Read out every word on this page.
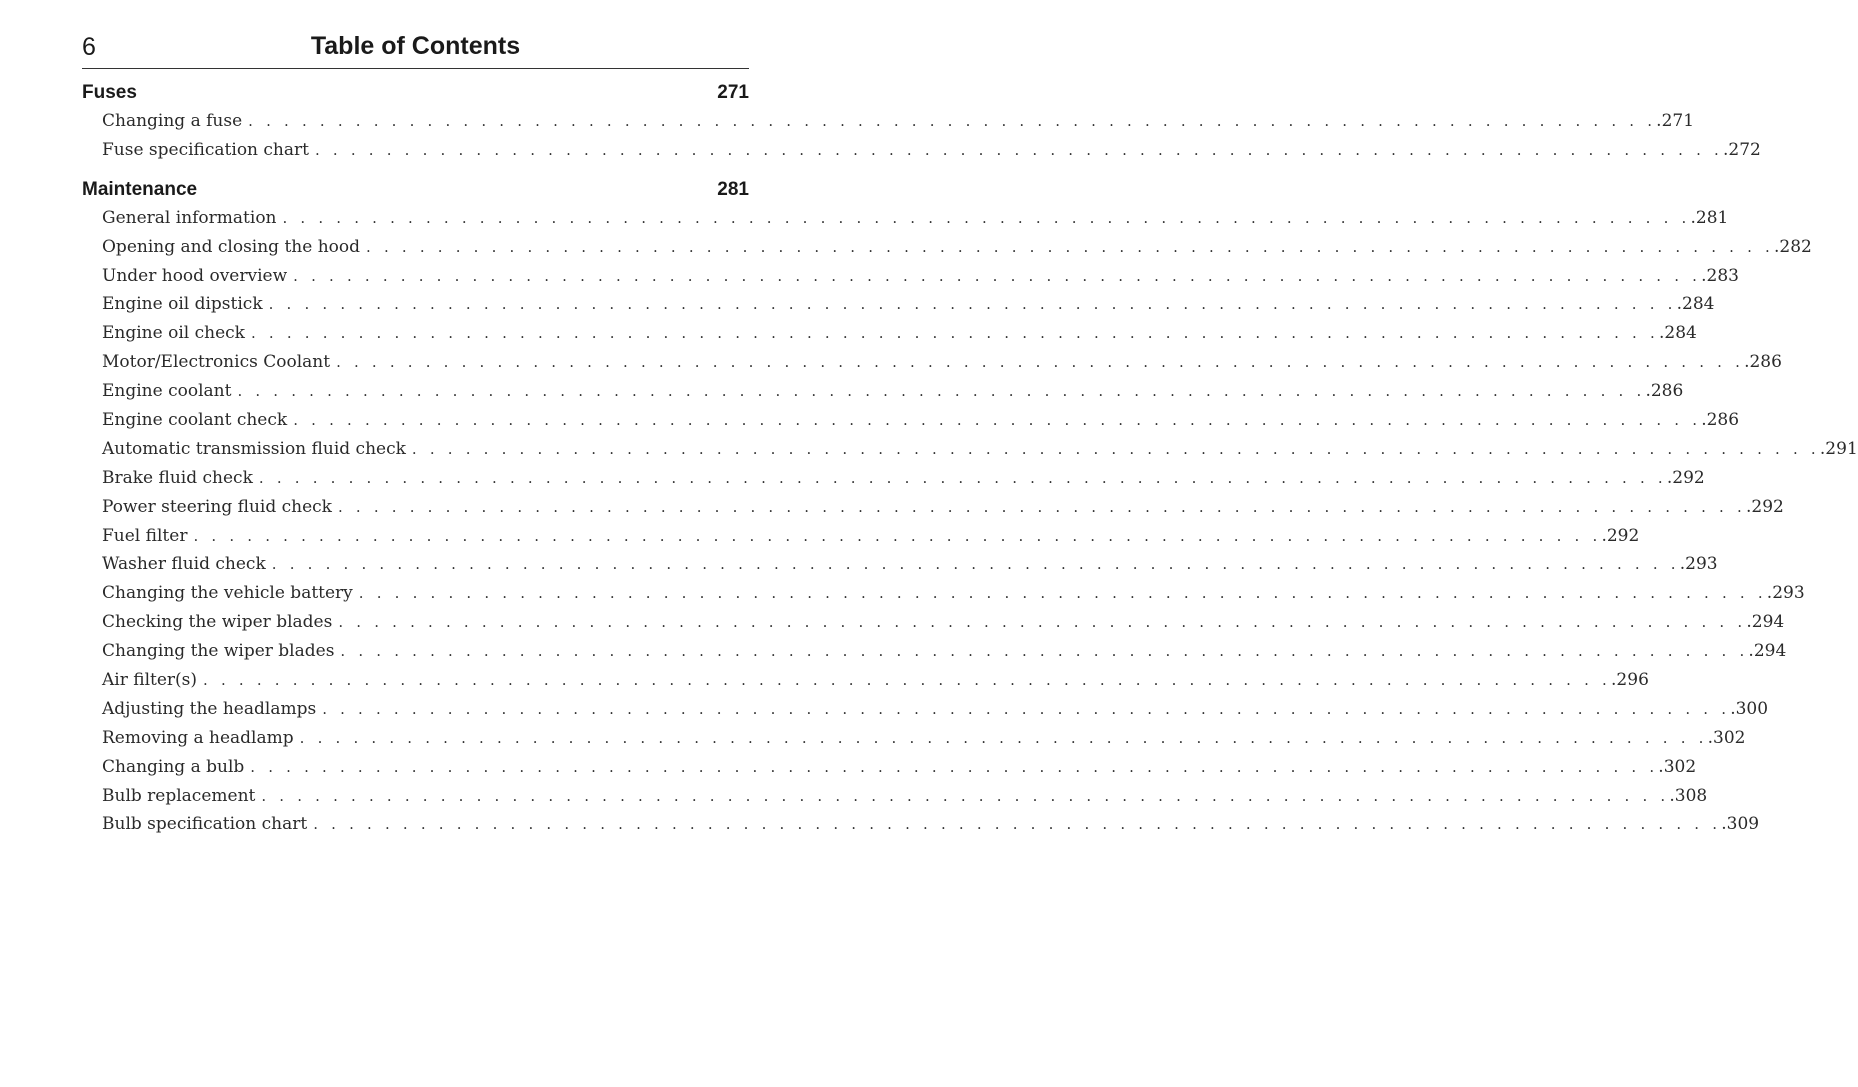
6	Table of Contents
Fuses	271
Changing a fuse . . . . . . . . . . . . . . . . . . . . . . . . . . . . . . . . . . . . . . . . . . . . . . . . . . . . . . . . . . . . . . . . . . . . . . . . . . . . . . . .271
Fuse specification chart . . . . . . . . . . . . . . . . . . . . . . . . . . . . . . . . . . . . . . . . . . . . . . . . . . . . . . . . . . . . . . . . . . . . . . . . . . . . . . . .272
Maintenance	281
General information . . . . . . . . . . . . . . . . . . . . . . . . . . . . . . . . . . . . . . . . . . . . . . . . . . . . . . . . . . . . . . . . . . . . . . . . . . . . . . . .281
Opening and closing the hood . . . . . . . . . . . . . . . . . . . . . . . . . . . . . . . . . . . . . . . . . . . . . . . . . . . . . . . . . . . . . . . . . . . . . . . . . . . . . . . .282
Under hood overview . . . . . . . . . . . . . . . . . . . . . . . . . . . . . . . . . . . . . . . . . . . . . . . . . . . . . . . . . . . . . . . . . . . . . . . . . . . . . . . .283
Engine oil dipstick . . . . . . . . . . . . . . . . . . . . . . . . . . . . . . . . . . . . . . . . . . . . . . . . . . . . . . . . . . . . . . . . . . . . . . . . . . . . . . . .284
Engine oil check . . . . . . . . . . . . . . . . . . . . . . . . . . . . . . . . . . . . . . . . . . . . . . . . . . . . . . . . . . . . . . . . . . . . . . . . . . . . . . . .284
Motor/Electronics Coolant . . . . . . . . . . . . . . . . . . . . . . . . . . . . . . . . . . . . . . . . . . . . . . . . . . . . . . . . . . . . . . . . . . . . . . . . . . . . . . . .286
Engine coolant . . . . . . . . . . . . . . . . . . . . . . . . . . . . . . . . . . . . . . . . . . . . . . . . . . . . . . . . . . . . . . . . . . . . . . . . . . . . . . . .286
Engine coolant check . . . . . . . . . . . . . . . . . . . . . . . . . . . . . . . . . . . . . . . . . . . . . . . . . . . . . . . . . . . . . . . . . . . . . . . . . . . . . . . .286
Automatic transmission fluid check . . . . . . . . . . . . . . . . . . . . . . . . . . . . . . . . . . . . . . . . . . . . . . . . . . . . . . . . . . . . . . . . . . . . . . . . . . . . . . . .291
Brake fluid check . . . . . . . . . . . . . . . . . . . . . . . . . . . . . . . . . . . . . . . . . . . . . . . . . . . . . . . . . . . . . . . . . . . . . . . . . . . . . . . .292
Power steering fluid check . . . . . . . . . . . . . . . . . . . . . . . . . . . . . . . . . . . . . . . . . . . . . . . . . . . . . . . . . . . . . . . . . . . . . . . . . . . . . . . .292
Fuel filter . . . . . . . . . . . . . . . . . . . . . . . . . . . . . . . . . . . . . . . . . . . . . . . . . . . . . . . . . . . . . . . . . . . . . . . . . . . . . . . .292
Washer fluid check . . . . . . . . . . . . . . . . . . . . . . . . . . . . . . . . . . . . . . . . . . . . . . . . . . . . . . . . . . . . . . . . . . . . . . . . . . . . . . . .293
Changing the vehicle battery . . . . . . . . . . . . . . . . . . . . . . . . . . . . . . . . . . . . . . . . . . . . . . . . . . . . . . . . . . . . . . . . . . . . . . . . . . . . . . . .293
Checking the wiper blades . . . . . . . . . . . . . . . . . . . . . . . . . . . . . . . . . . . . . . . . . . . . . . . . . . . . . . . . . . . . . . . . . . . . . . . . . . . . . . . .294
Changing the wiper blades . . . . . . . . . . . . . . . . . . . . . . . . . . . . . . . . . . . . . . . . . . . . . . . . . . . . . . . . . . . . . . . . . . . . . . . . . . . . . . . .294
Air filter(s) . . . . . . . . . . . . . . . . . . . . . . . . . . . . . . . . . . . . . . . . . . . . . . . . . . . . . . . . . . . . . . . . . . . . . . . . . . . . . . . .296
Adjusting the headlamps . . . . . . . . . . . . . . . . . . . . . . . . . . . . . . . . . . . . . . . . . . . . . . . . . . . . . . . . . . . . . . . . . . . . . . . . . . . . . . . .300
Removing a headlamp . . . . . . . . . . . . . . . . . . . . . . . . . . . . . . . . . . . . . . . . . . . . . . . . . . . . . . . . . . . . . . . . . . . . . . . . . . . . . . . .302
Changing a bulb . . . . . . . . . . . . . . . . . . . . . . . . . . . . . . . . . . . . . . . . . . . . . . . . . . . . . . . . . . . . . . . . . . . . . . . . . . . . . . . .302
Bulb replacement . . . . . . . . . . . . . . . . . . . . . . . . . . . . . . . . . . . . . . . . . . . . . . . . . . . . . . . . . . . . . . . . . . . . . . . . . . . . . . . .308
Bulb specification chart . . . . . . . . . . . . . . . . . . . . . . . . . . . . . . . . . . . . . . . . . . . . . . . . . . . . . . . . . . . . . . . . . . . . . . . . . . . . . . . .309
